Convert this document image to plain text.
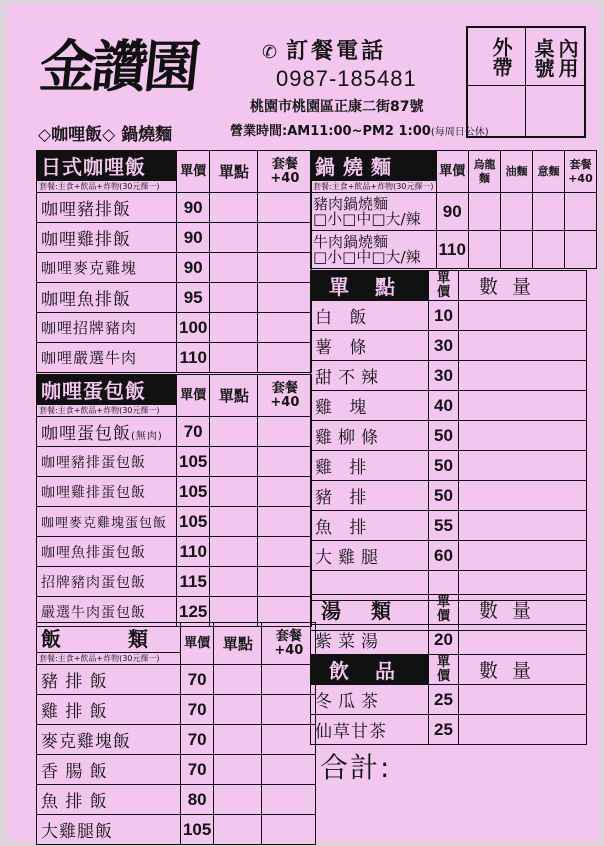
金讚園
◇咖哩飯◇ 鍋燒麵
✆ 訂餐電話
0987-185481
桃園市桃園區正康二街87號
營業時間:AM11:00~PM2 1:00(每周日公休)
外帶	內用
桌號
日式咖哩飯	單價	單點	套餐
+40
套餐:主食+飲品+炸物(30元擇一)			
咖哩豬排飯	90		
咖哩雞排飯	90		
咖哩麥克雞塊	90		
咖哩魚排飯	95		
咖哩招牌豬肉	100		
咖哩嚴選牛肉	110		
咖哩蛋包飯	單價	單點	套餐
+40
套餐:主食+飲品+炸物(30元擇一)			
咖哩蛋包飯(無肉)	70		
咖哩豬排蛋包飯	105		
咖哩雞排蛋包飯	105		
咖哩麥克雞塊蛋包飯	105		
咖哩魚排蛋包飯	110		
招牌豬肉蛋包飯	115		
嚴選牛肉蛋包飯	125		
飯 類	單價	單點	套餐
+40
套餐:主食+飲品+炸物(30元擇一)			
豬 排 飯	70		
雞 排 飯	70		
麥克雞塊飯	70		
香 腸 飯	70		
魚 排 飯	80		
大雞腿飯	105		
鍋燒麵	單價	烏龍麵	油麵	意麵	套餐
+40
套餐:主食+飲品+炸物(30元擇一)					

豬肉鍋燒麵
□小□中□大/辣	90				

牛肉鍋燒麵
□小□中□大/辣	110				
單點	單價	數量
白 飯	10	
薯 條	30	
甜不辣	30	
雞 塊	40	
雞柳條	50	
雞 排	50	
豬 排	50	
魚 排	55	
大雞腿	60	

湯類	單價	數量
紫菜湯	20	
飲品	單價	數量
冬瓜茶	25	
仙草甘茶	25	
合計:
